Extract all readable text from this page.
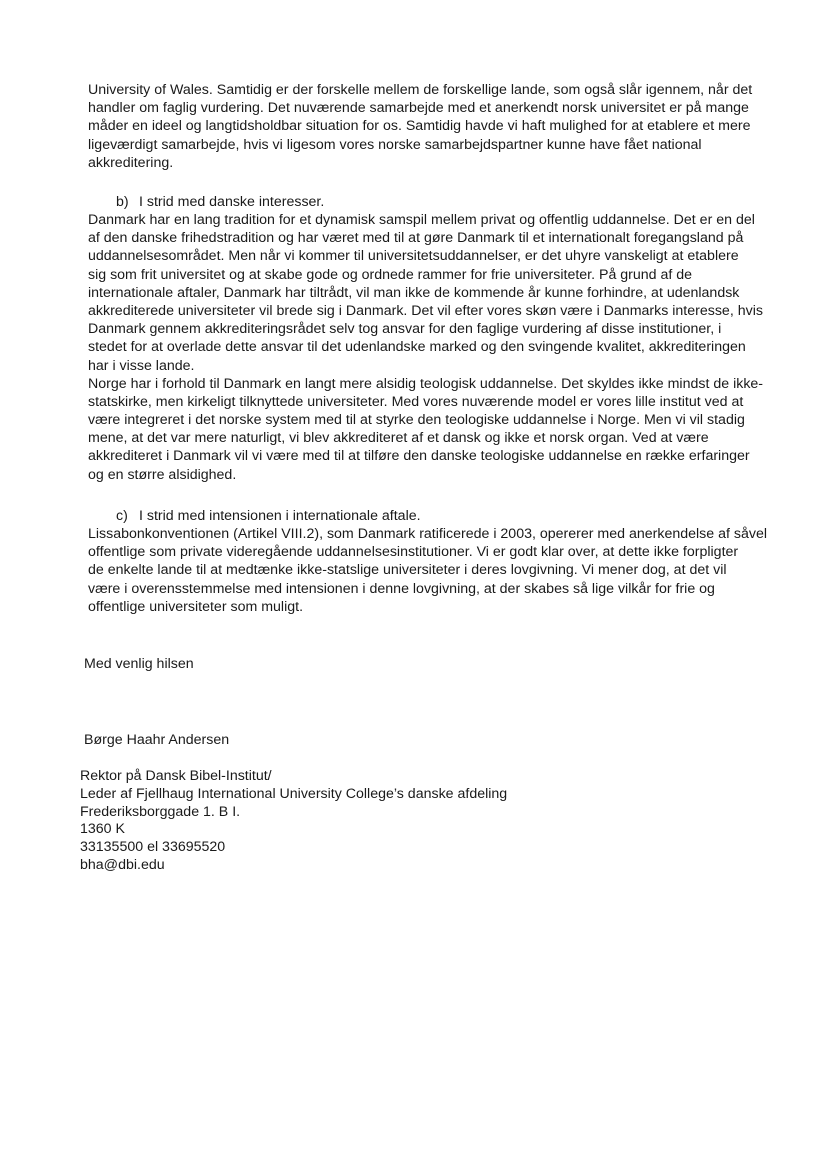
University of Wales. Samtidig er der forskelle mellem de forskellige lande, som også slår igennem, når det
handler om faglig vurdering. Det nuværende samarbejde med et anerkendt norsk universitet er på mange
måder en ideel og langtidsholdbar situation for os. Samtidig havde vi haft mulighed for at etablere et mere
ligeværdigt samarbejde, hvis vi ligesom vores norske samarbejdspartner kunne have fået national
akkreditering.
b) I strid med danske interesser.
Danmark har en lang tradition for et dynamisk samspil mellem privat og offentlig uddannelse. Det er en del
af den danske frihedstradition og har været med til at gøre Danmark til et internationalt foregangsland på
uddannelsesområdet. Men når vi kommer til universitetsuddannelser, er det uhyre vanskeligt at etablere
sig som frit universitet og at skabe gode og ordnede rammer for frie universiteter. På grund af de
internationale aftaler, Danmark har tiltrådt, vil man ikke de kommende år kunne forhindre, at udenlandsk
akkrediterede universiteter vil brede sig i Danmark. Det vil efter vores skøn være i Danmarks interesse, hvis
Danmark gennem akkrediteringsrådet selv tog ansvar for den faglige vurdering af disse institutioner, i
stedet for at overlade dette ansvar til det udenlandske marked og den svingende kvalitet, akkrediteringen
har i visse lande.
Norge har i forhold til Danmark en langt mere alsidig teologisk uddannelse. Det skyldes ikke mindst de ikke-
statskirke, men kirkeligt tilknyttede universiteter. Med vores nuværende model er vores lille institut ved at
være integreret i det norske system med til at styrke den teologiske uddannelse i Norge. Men vi vil stadig
mene, at det var mere naturligt, vi blev akkrediteret af et dansk og ikke et norsk organ. Ved at være
akkrediteret i Danmark vil vi være med til at tilføre den danske teologiske uddannelse en række erfaringer
og en større alsidighed.
c) I strid med intensionen i internationale aftale.
Lissabonkonventionen (Artikel VIII.2), som Danmark ratificerede i 2003, opererer med anerkendelse af såvel
offentlige som private videregående uddannelsesinstitutioner. Vi er godt klar over, at dette ikke forpligter
de enkelte lande til at medtænke ikke-statslige universiteter i deres lovgivning. Vi mener dog, at det vil
være i overensstemmelse med intensionen i denne lovgivning, at der skabes så lige vilkår for frie og
offentlige universiteter som muligt.
Med venlig hilsen
Børge Haahr Andersen
Rektor på Dansk Bibel-Institut/
Leder af Fjellhaug International University College’s danske afdeling
Frederiksborggade 1. B I.
1360 K
33135500 el 33695520
bha@dbi.edu
